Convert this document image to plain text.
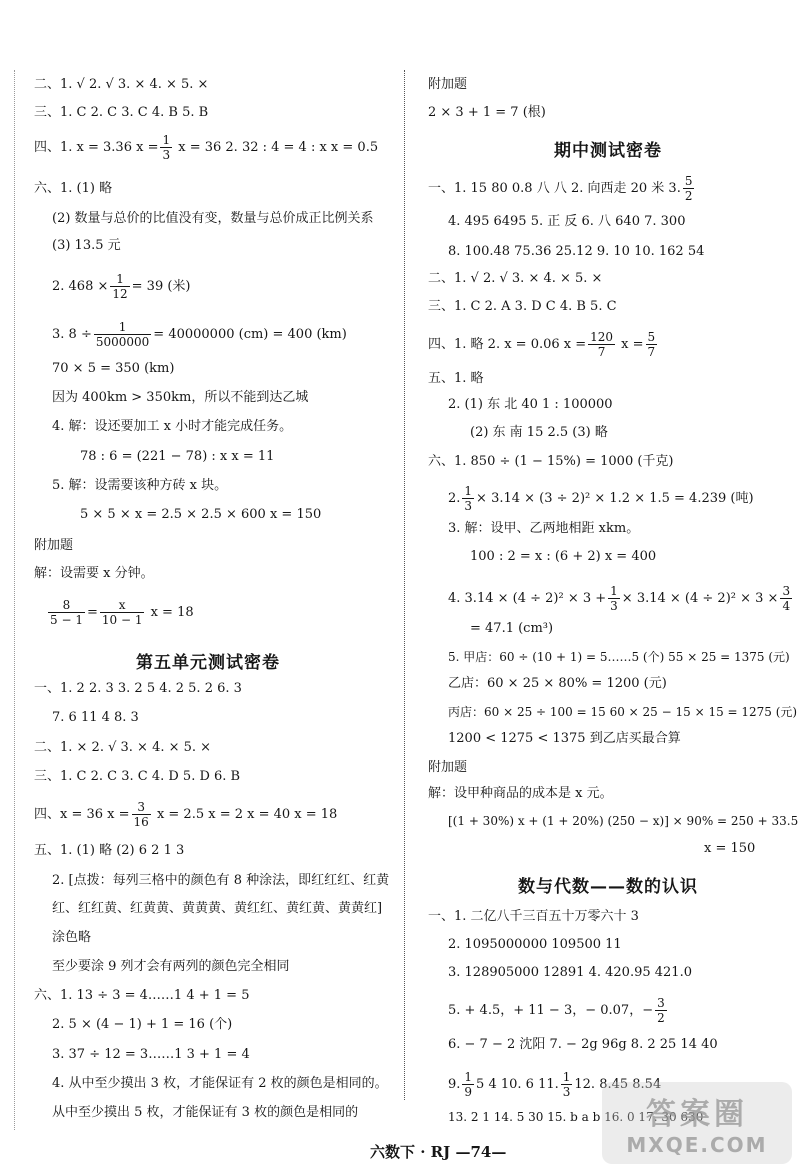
二、1. √ 2. √ 3. × 4. × 5. ×
三、1. C 2. C 3. C 4. B 5. B
四、1. x = 3.36 $x = \frac{1}{3}$ x = 36 2. 32 : 4 = 4 : x x = 0.5
六、1. (1) 略
(2) 数量与总价的比值没有变，数量与总价成正比例关系
(3) 13.5 元
2. $468 \times \frac{1}{12} = 39$ (米)
3. $8 \div \frac{1}{5000000} = 40000000$ (cm) = 400 (km)
70 × 5 = 350 (km)
因为 400km > 350km，所以不能到达乙城
4. 解：设还要加工 x 小时才能完成任务。
78 : 6 = (221 − 78) : x x = 11
5. 解：设需要该种方砖 x 块。
5 × 5 × x = 2.5 × 2.5 × 600 x = 150
附加题
解：设需要 x 分钟。
$\frac{8}{5 - 1} = \frac{x}{10 - 1}$ x = 18
第五单元测试密卷
一、1. 2 2. 3 3. 2 5 4. 2 5. 2 6. 3
7. 6 11 4 8. 3
二、1. × 2. √ 3. × 4. × 5. ×
三、1. C 2. C 3. C 4. D 5. D 6. B
四、x = 36 $x = \frac{3}{16}$ x = 2.5 x = 2 x = 40 x = 18
五、1. (1) 略 (2) 6 2 1 3
2. [点拨：每列三格中的颜色有 8 种涂法，即红红红、红黄
红、红红黄、红黄黄、黄黄黄、黄红红、黄红黄、黄黄红]
涂色略
至少要涂 9 列才会有两列的颜色完全相同
六、1. 13 ÷ 3 = 4……1 4 + 1 = 5
2. 5 × (4 − 1) + 1 = 16 (个)
3. 37 ÷ 12 = 3……1 3 + 1 = 4
4. 从中至少摸出 3 枚，才能保证有 2 枚的颜色是相同的。
从中至少摸出 5 枚，才能保证有 3 枚的颜色是相同的
附加题
2 × 3 + 1 = 7 (根)
期中测试密卷
一、1. 15 80 0.8 八 八 2. 向西走 20 米 3. $\frac{5}{2}$
4. 495 6495 5. 正 反 6. 八 640 7. 300
8. 100.48 75.36 25.12 9. 10 10. 162 54
二、1. √ 2. √ 3. × 4. × 5. ×
三、1. C 2. A 3. D C 4. B 5. C
四、1. 略 2. x = 0.06 $x = \frac{120}{7}$ $x = \frac{5}{7}$
五、1. 略
2. (1) 东 北 40 1 : 100000
(2) 东 南 15 2.5 (3) 略
六、1. 850 ÷ (1 − 15%) = 1000 (千克)
2. $\frac{1}{3} \times 3.14 \times (3 \div 2)^2 \times 1.2 \times 1.5 = 4.239$ (吨)
3. 解：设甲、乙两地相距 xkm。
100 : 2 = x : (6 + 2) x = 400
4. $3.14 \times (4 \div 2)^2 \times 3 + \frac{1}{3} \times 3.14 \times (4 \div 2)^2 \times 3 \times \frac{3}{4}$
= 47.1 (cm³)
5. 甲店：60 ÷ (10 + 1) = 5……5 (个) 55 × 25 = 1375 (元)
乙店：60 × 25 × 80% = 1200 (元)
丙店：60 × 25 ÷ 100 = 15 60 × 25 − 15 × 15 = 1275 (元)
1200 < 1275 < 1375 到乙店买最合算
附加题
解：设甲种商品的成本是 x 元。
[(1 + 30%) x + (1 + 20%) (250 − x)] × 90% = 250 + 33.5
x = 150
数与代数——数的认识
一、1. 二亿八千三百五十万零六十 3
2. 1095000000 109500 11
3. 128905000 12891 4. 420.95 421.0
5. + 4.5，+ 11 − 3，− 0.07，− $\frac{3}{2}$
6. − 7 − 2 沈阳 7. − 2g 96g 8. 2 25 14 40
9. $\frac{1}{9} 5$ 4 10. 6 11. $\frac{1}{3} 12$. 8.45 8.54
13. 2 1 14. 5 30 15. b a b 16. 0 17. 30 630
答案圈
MXQE.COM
六数下 · RJ —74—
